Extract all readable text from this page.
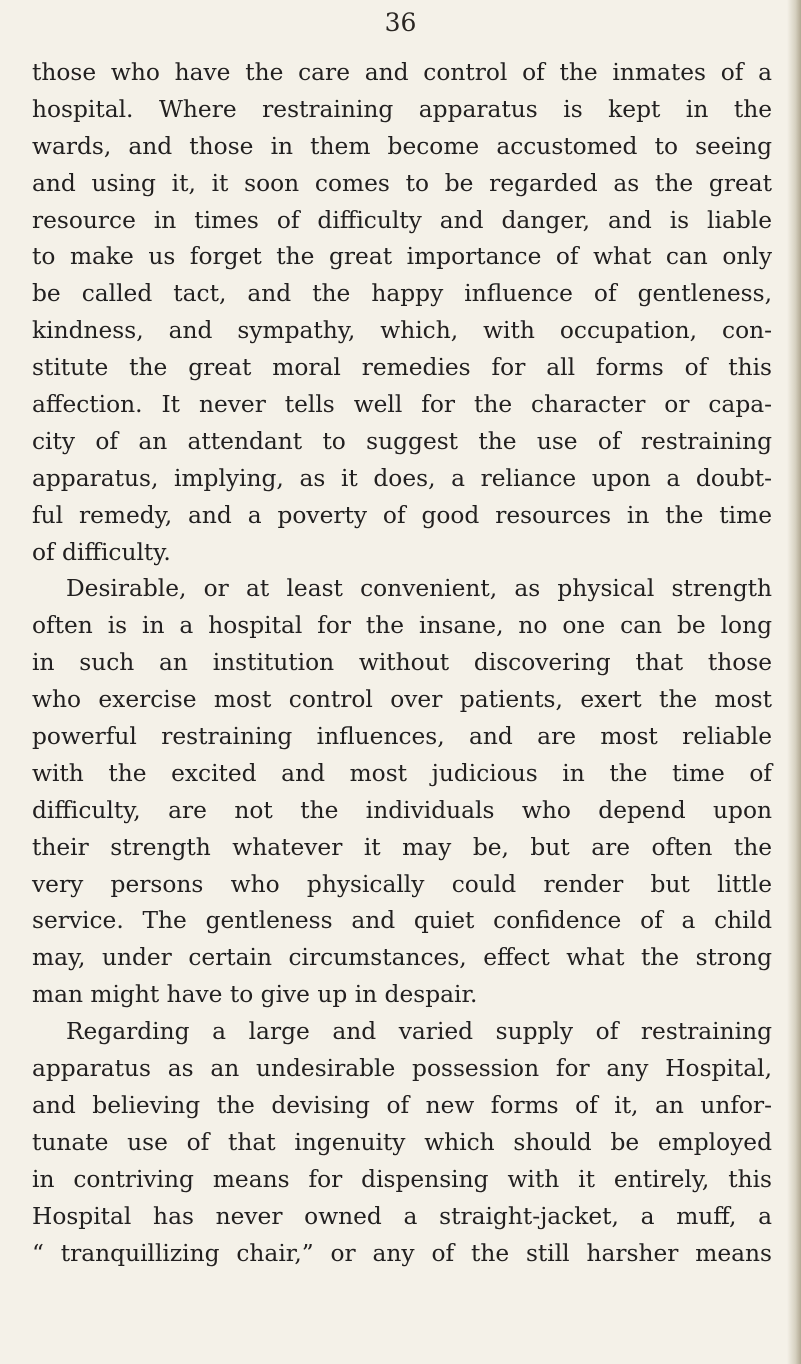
36

those who have the care and control of the inmates of a
hospital. Where restraining apparatus is kept in the
wards, and those in them become accustomed to seeing
and using it, it soon comes to be regarded as the great
resource in times of difficulty and danger, and is liable
to make us forget the great importance of what can only
be called tact, and the happy influence of gentleness,
kindness, and sympathy, which, with occupation, con-
stitute the great moral remedies for all forms of this
affection. It never tells well for the character or capa-
city of an attendant to suggest the use of restraining
apparatus, implying, as it does, a reliance upon a doubt-
ful remedy, and a poverty of good resources in the time
of difficulty.
Desirable, or at least convenient, as physical strength
often is in a hospital for the insane, no one can be long
in such an institution without discovering that those
who exercise most control over patients, exert the most
powerful restraining influences, and are most reliable
with the excited and most judicious in the time of
difficulty, are not the individuals who depend upon
their strength whatever it may be, but are often the
very persons who physically could render but little
service. The gentleness and quiet confidence of a child
may, under certain circumstances, effect what the strong
man might have to give up in despair.
Regarding a large and varied supply of restraining
apparatus as an undesirable possession for any Hospital,
and believing the devising of new forms of it, an unfor-
tunate use of that ingenuity which should be employed
in contriving means for dispensing with it entirely, this
Hospital has never owned a straight-jacket, a muff, a
“ tranquillizing chair,” or any of the still harsher means
